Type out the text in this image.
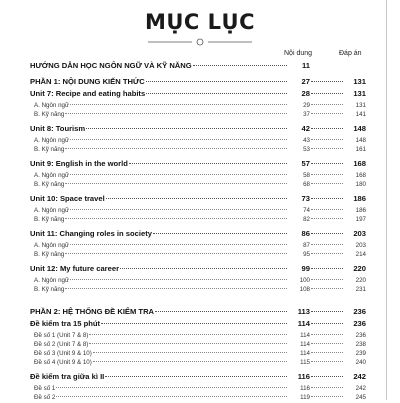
MỤC LỤC
Nội dung	Đáp án
HƯỚNG DẪN HỌC NGÔN NGỮ VÀ KỸ NĂNG	11
PHẦN 1: NỘI DUNG KIẾN THỨC	27	131
Unit 7: Recipe and eating habits	28	131
A. Ngôn ngữ	29	131
B. Kỹ năng	37	141
Unit 8: Tourism	42	148
A. Ngôn ngữ	43	148
B. Kỹ năng	53	161
Unit 9: English in the world	57	168
A. Ngôn ngữ	58	168
B. Kỹ năng	68	180
Unit 10: Space travel	73	186
A. Ngôn ngữ	74	186
B. Kỹ năng	82	197
Unit 11: Changing roles in society	86	203
A. Ngôn ngữ	87	203
B. Kỹ năng	95	214
Unit 12: My future career	99	220
A. Ngôn ngữ	100	220
B. Kỹ năng	108	231
PHẦN 2: HỆ THỐNG ĐỀ KIỂM TRA	113	236
Đề kiểm tra 15 phút	114	236
Đề số 1 (Unit 7 & 8)	114	236
Đề số 2 (Unit 7 & 8)	114	238
Đề số 3 (Unit 9 & 10)	114	239
Đề số 4 (Unit 9 & 10)	115	240
Đề kiểm tra giữa kì II	116	242
Đề số 1	116	242
Đề số 2	119	245
